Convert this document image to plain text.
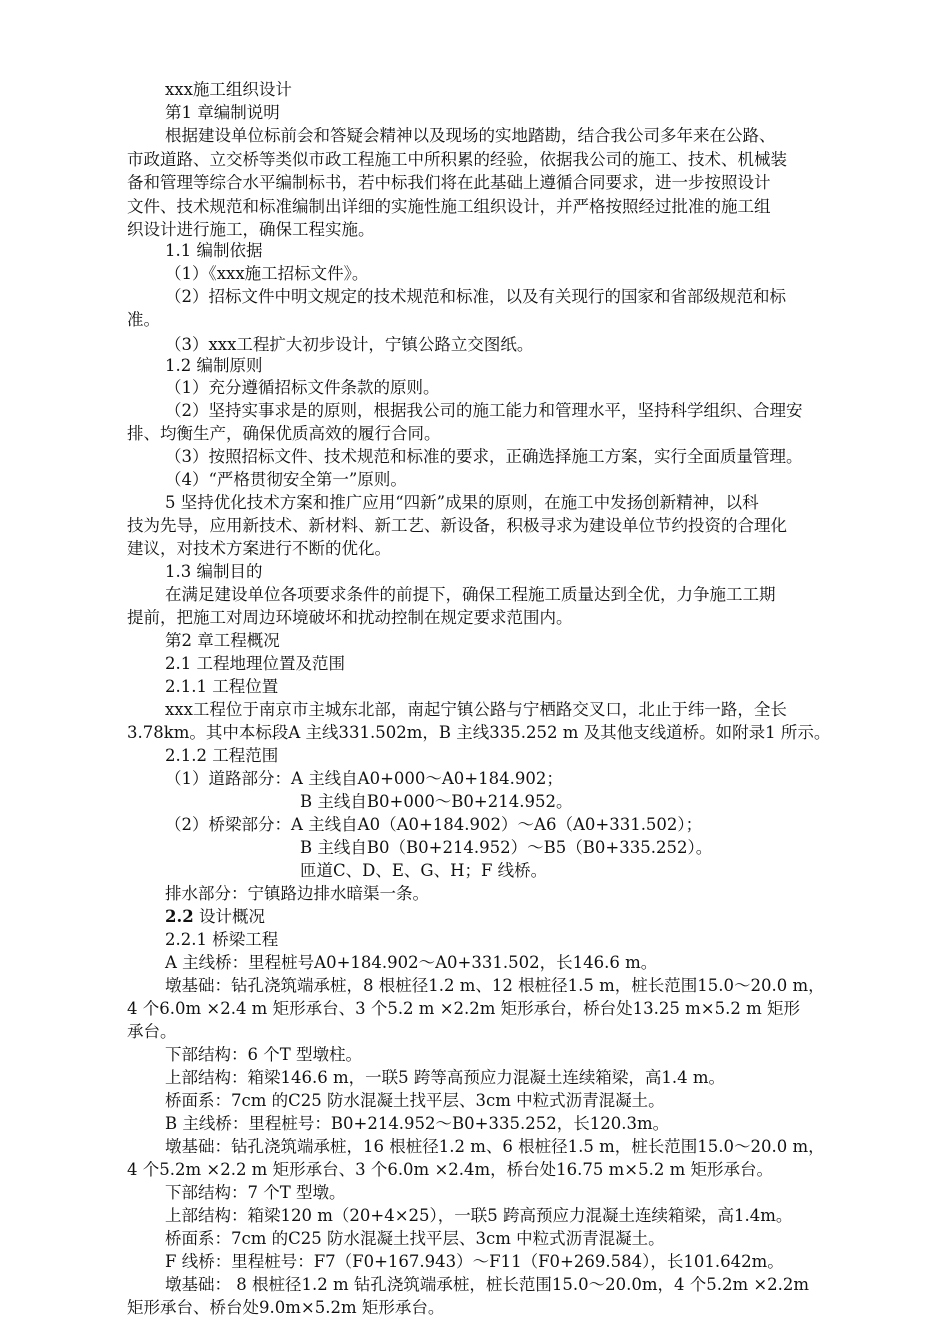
xxx施工组织设计
第1 章编制说明
根据建设单位标前会和答疑会精神以及现场的实地踏勘，结合我公司多年来在公路、
市政道路、立交桥等类似市政工程施工中所积累的经验，依据我公司的施工、技术、机械装
备和管理等综合水平编制标书，若中标我们将在此基础上遵循合同要求，进一步按照设计
文件、技术规范和标准编制出详细的实施性施工组织设计，并严格按照经过批准的施工组
织设计进行施工，确保工程实施。
1.1 编制依据
（1）《xxx施工招标文件》。
（2）招标文件中明文规定的技术规范和标准，以及有关现行的国家和省部级规范和标
准。
（3）xxx工程扩大初步设计，宁镇公路立交图纸。
1.2 编制原则
（1）充分遵循招标文件条款的原则。
（2）坚持实事求是的原则，根据我公司的施工能力和管理水平，坚持科学组织、合理安
排、均衡生产，确保优质高效的履行合同。
（3）按照招标文件、技术规范和标准的要求，正确选择施工方案，实行全面质量管理。
（4）“严格贯彻安全第一”原则。
5 坚持优化技术方案和推广应用“四新”成果的原则，在施工中发扬创新精神，以科
技为先导，应用新技术、新材料、新工艺、新设备，积极寻求为建设单位节约投资的合理化
建议，对技术方案进行不断的优化。
1.3 编制目的
在满足建设单位各项要求条件的前提下，确保工程施工质量达到全优，力争施工工期
提前，把施工对周边环境破坏和扰动控制在规定要求范围内。
第2 章工程概况
2.1 工程地理位置及范围
2.1.1 工程位置
xxx工程位于南京市主城东北部，南起宁镇公路与宁栖路交叉口，北止于纬一路，全长
3.78km。其中本标段A 主线331.502m，B 主线335.252 m 及其他支线道桥。如附录1 所示。
2.1.2 工程范围
（1）道路部分：A 主线自A0+000～A0+184.902；
B 主线自B0+000～B0+214.952。
（2）桥梁部分：A 主线自A0（A0+184.902）～A6（A0+331.502）；
B 主线自B0（B0+214.952）～B5（B0+335.252）。
匝道C、D、E、G、H；F 线桥。
排水部分：宁镇路边排水暗渠一条。
2.2 设计概况
2.2.1 桥梁工程
A 主线桥：里程桩号A0+184.902～A0+331.502，长146.6 m。
墩基础：钻孔浇筑端承桩，8 根桩径1.2 m、12 根桩径1.5 m，桩长范围15.0～20.0 m，
4 个6.0m ×2.4 m 矩形承台、3 个5.2 m ×2.2m 矩形承台，桥台处13.25 m×5.2 m 矩形
承台。
下部结构：6 个T 型墩柱。
上部结构：箱梁146.6 m，一联5 跨等高预应力混凝土连续箱梁，高1.4 m。
桥面系：7cm 的C25 防水混凝土找平层、3cm 中粒式沥青混凝土。
B 主线桥：里程桩号：B0+214.952～B0+335.252，长120.3m。
墩基础：钻孔浇筑端承桩，16 根桩径1.2 m、6 根桩径1.5 m，桩长范围15.0～20.0 m，
4 个5.2m ×2.2 m 矩形承台、3 个6.0m ×2.4m，桥台处16.75 m×5.2 m 矩形承台。
下部结构：7 个T 型墩。
上部结构：箱梁120 m（20+4×25），一联5 跨高预应力混凝土连续箱梁，高1.4m。
桥面系：7cm 的C25 防水混凝土找平层、3cm 中粒式沥青混凝土。
F 线桥：里程桩号：F7（F0+167.943）～F11（F0+269.584），长101.642m。
墩基础： 8 根桩径1.2 m 钻孔浇筑端承桩，桩长范围15.0～20.0m，4 个5.2m ×2.2m
矩形承台、桥台处9.0m×5.2m 矩形承台。
